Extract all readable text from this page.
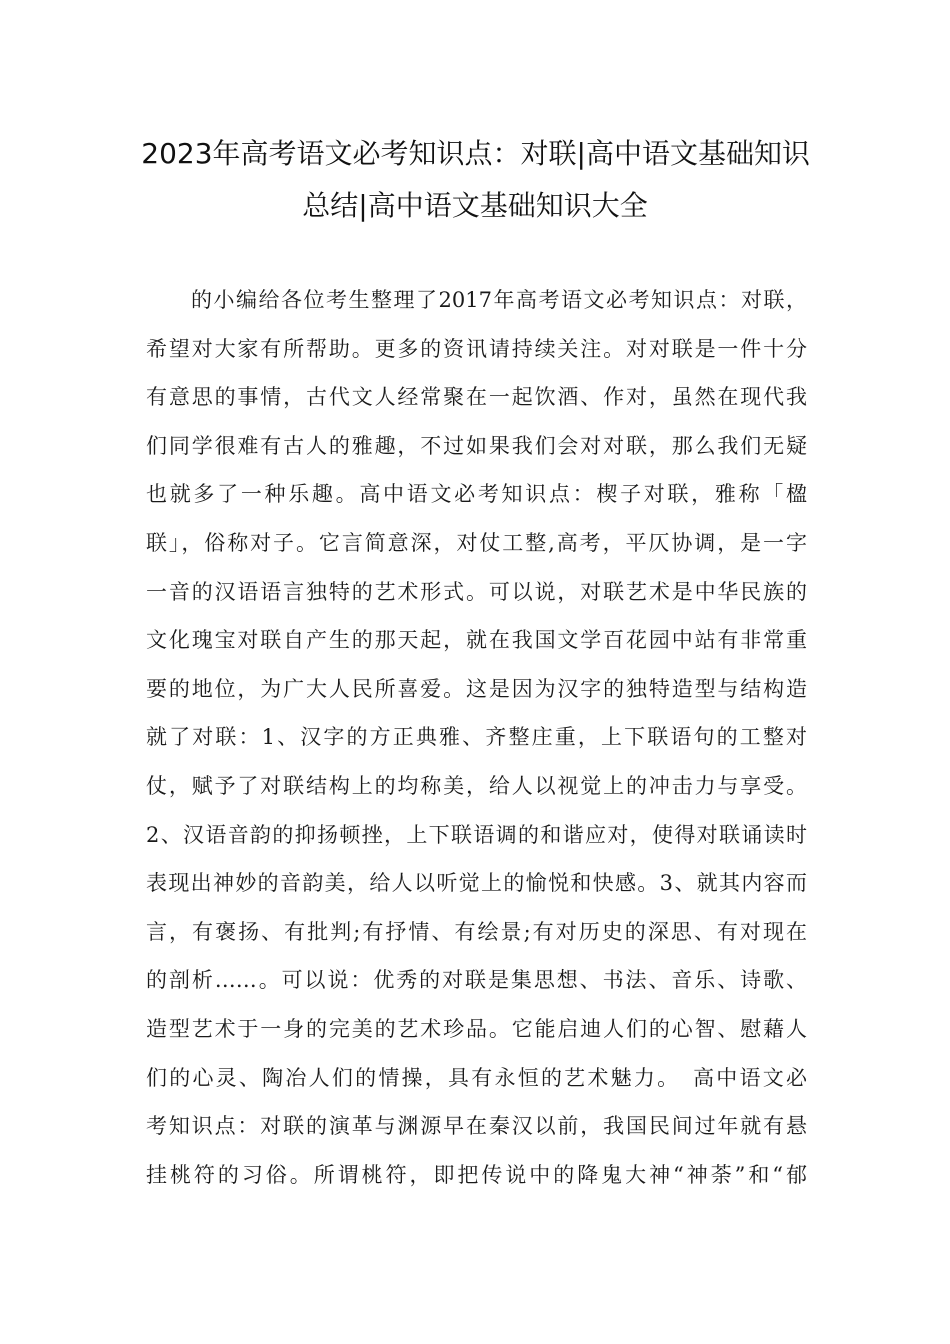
2023年高考语文必考知识点：对联|高中语文基础知识
总结|高中语文基础知识大全
　　的小编给各位考生整理了2017年高考语文必考知识点：对联，
希望对大家有所帮助。更多的资讯请持续关注。对对联是一件十分
有意思的事情，古代文人经常聚在一起饮酒、作对，虽然在现代我
们同学很难有古人的雅趣，不过如果我们会对对联，那么我们无疑
也就多了一种乐趣。高中语文必考知识点：楔子对联，雅称「楹
联」，俗称对子。它言简意深，对仗工整,高考，平仄协调，是一字
一音的汉语语言独特的艺术形式。可以说，对联艺术是中华民族的
文化瑰宝对联自产生的那天起，就在我国文学百花园中站有非常重
要的地位，为广大人民所喜爱。这是因为汉字的独特造型与结构造
就了对联：1、汉字的方正典雅、齐整庄重，上下联语句的工整对
仗，赋予了对联结构上的均称美，给人以视觉上的冲击力与享受。
2、汉语音韵的抑扬顿挫，上下联语调的和谐应对，使得对联诵读时
表现出神妙的音韵美，给人以听觉上的愉悦和快感。3、就其内容而
言，有褒扬、有批判;有抒情、有绘景;有对历史的深思、有对现在
的剖析……。可以说：优秀的对联是集思想、书法、音乐、诗歌、
造型艺术于一身的完美的艺术珍品。它能启迪人们的心智、慰藉人
们的心灵、陶冶人们的情操，具有永恒的艺术魅力。　高中语文必
考知识点：对联的演革与渊源早在秦汉以前，我国民间过年就有悬
挂桃符的习俗。所谓桃符，即把传说中的降鬼大神“神荼”和“郁
